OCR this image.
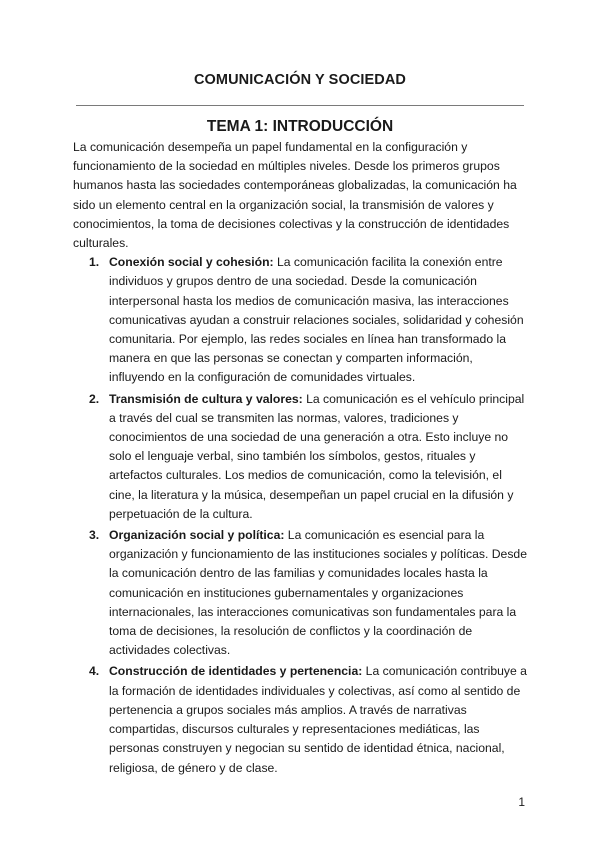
COMUNICACIÓN Y SOCIEDAD
TEMA 1: INTRODUCCIÓN

La comunicación desempeña un papel fundamental en la configuración y funcionamiento de la sociedad en múltiples niveles. Desde los primeros grupos humanos hasta las sociedades contemporáneas globalizadas, la comunicación ha sido un elemento central en la organización social, la transmisión de valores y conocimientos, la toma de decisiones colectivas y la construcción de identidades culturales.

1. Conexión social y cohesión: La comunicación facilita la conexión entre individuos y grupos dentro de una sociedad. Desde la comunicación interpersonal hasta los medios de comunicación masiva, las interacciones comunicativas ayudan a construir relaciones sociales, solidaridad y cohesión comunitaria. Por ejemplo, las redes sociales en línea han transformado la manera en que las personas se conectan y comparten información, influyendo en la configuración de comunidades virtuales.
2. Transmisión de cultura y valores: La comunicación es el vehículo principal a través del cual se transmiten las normas, valores, tradiciones y conocimientos de una sociedad de una generación a otra. Esto incluye no solo el lenguaje verbal, sino también los símbolos, gestos, rituales y artefactos culturales. Los medios de comunicación, como la televisión, el cine, la literatura y la música, desempeñan un papel crucial en la difusión y perpetuación de la cultura.
3. Organización social y política: La comunicación es esencial para la organización y funcionamiento de las instituciones sociales y políticas. Desde la comunicación dentro de las familias y comunidades locales hasta la comunicación en instituciones gubernamentales y organizaciones internacionales, las interacciones comunicativas son fundamentales para la toma de decisiones, la resolución de conflictos y la coordinación de actividades colectivas.
4. Construcción de identidades y pertenencia: La comunicación contribuye a la formación de identidades individuales y colectivas, así como al sentido de pertenencia a grupos sociales más amplios. A través de narrativas compartidas, discursos culturales y representaciones mediáticas, las personas construyen y negocian su sentido de identidad étnica, nacional, religiosa, de género y de clase.
1
